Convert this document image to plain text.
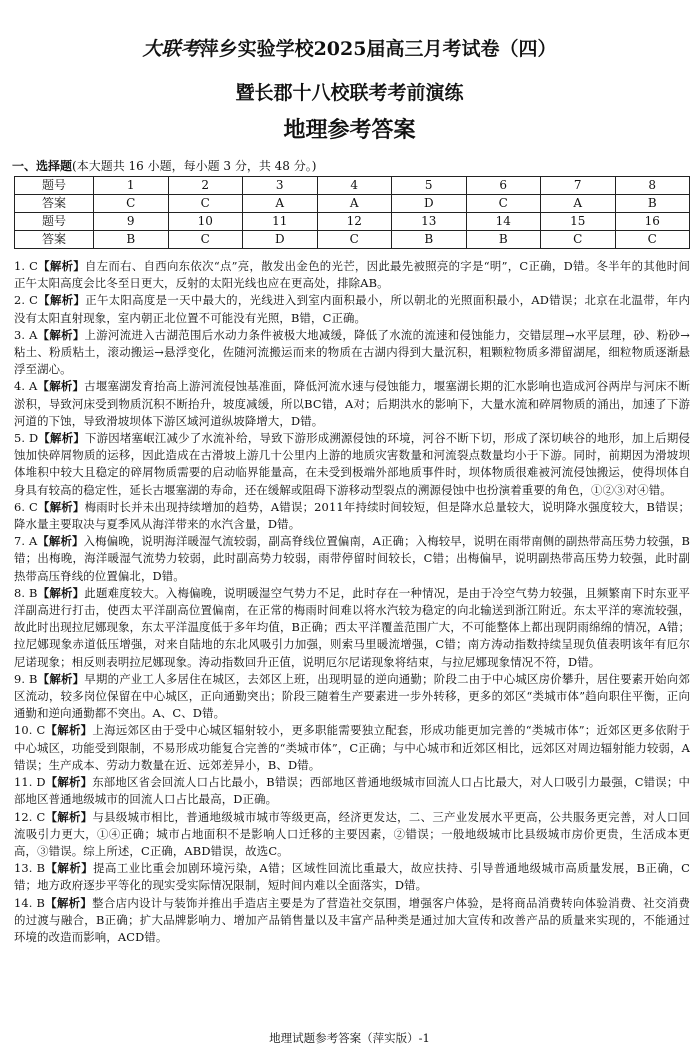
大联考萍乡实验学校2025届高三月考试卷（四）
暨长郡十八校联考考前演练
地理参考答案
一、选择题(本大题共 16 小题，每小题 3 分，共 48 分。)
题号	1	2	3	4	5	6	7	8
答案	C	C	A	A	D	C	A	B
题号	9	10	11	12	13	14	15	16
答案	B	C	D	C	B	B	C	C

1. C【解析】自左而右、自西向东依次“点”亮，散发出金色的光芒，因此最先被照亮的字是“明”，C正确，D错。冬半年的其他时间正午太阳高度会比冬至日更大，反射的太阳光线也应在更高处，排除AB。

2. C【解析】正午太阳高度是一天中最大的，光线进入到室内面积最小，所以朝北的光照面积最小，AD错误；北京在北温带，年内没有太阳直射现象，室内朝正北位置不可能没有光照，B错，C正确。

3. A【解析】上游河流进入古湖范围后水动力条件被极大地减缓，降低了水流的流速和侵蚀能力，交错层理→水平层理，砂、粉砂→粘土、粉质粘土，滚动搬运→悬浮变化，佐随河流搬运而来的物质在古湖内得到大量沉积，粗颗粒物质多滞留湖尾，细粒物质逐渐悬浮至湖心。

4. A【解析】古堰塞湖发育抬高上游河流侵蚀基准面，降低河流水速与侵蚀能力，堰塞湖长期的汇水影响也造成河谷两岸与河床不断淤积，导致河床受到物质沉积不断抬升，坡度减缓，所以BC错，A对；后期洪水的影响下，大量水流和碎屑物质的涌出，加速了下游河道的下蚀，导致滑坡坝体下游区域河道纵坡降增大，D错。

5. D【解析】下游因堵塞岷江减少了水流补给，导致下游形成溯源侵蚀的环境，河谷不断下切，形成了深切峡谷的地形，加上后期侵蚀加快碎屑物质的运移，因此造成在古滑坡上游几十公里内上游的地质灾害数量和河流裂点数量均小于下游。同时，前期因为滑坡坝体堆积中较大且稳定的碎屑物质需要的启动临界能量高，在未受到极端外部地质事件时，坝体物质很难被河流侵蚀搬运，使得坝体自身具有较高的稳定性，延长古堰塞湖的寿命，还在缓解或阻碍下游移动型裂点的溯源侵蚀中也扮演着重要的角色，①②③对④错。

6. C【解析】梅雨时长并未出现持续增加的趋势，A错误；2011年持续时间较短，但是降水总量较大，说明降水强度较大，B错误；降水量主要取决与夏季风从海洋带来的水汽含量，D错。

7. A【解析】入梅偏晚，说明海洋暖湿气流较弱，副高脊线位置偏南，A正确；入梅较早，说明在雨带南侧的副热带高压势力较强，B错；出梅晚，海洋暖湿气流势力较弱，此时副高势力较弱，雨带停留时间较长，C错；出梅偏早，说明副热带高压势力较强，此时副热带高压脊线的位置偏北，D错。

8. B【解析】此题难度较大。入梅偏晚，说明暖湿空气势力不足，此时存在一种情况，是由于冷空气势力较强，且频繁南下时东亚平洋副高进行打击，使西太平洋副高位置偏南，在正常的梅雨时间难以将水汽较为稳定的向北输送到浙江附近。东太平洋的寒流较强，故此时出现拉尼娜现象，东太平洋温度低于多年均值，B正确；西太平洋覆盖范围广大，不可能整体上都出现阴雨绵绵的情况，A错；拉尼娜现象赤道低压增强，对来自陆地的东北风吸引力加强，则索马里暖流增强，C错；南方涛动指数持续呈现负值表明该年有厄尔尼诺现象；相反则表明拉尼娜现象。涛动指数回升正值，说明厄尔尼诺现象将结束，与拉尼娜现象情况不符，D错。

9. B【解析】早期的产业工人多居住在城区，去郊区上班，出现明显的逆向通勤；阶段二由于中心城区房价攀升，居住要素开始向郊区流动，较多岗位保留在中心城区，正向通勤突出；阶段三随着生产要素进一步外转移，更多的郊区“类城市体”趋向职住平衡，正向通勤和逆向通勤都不突出。A、C、D错。

10. C【解析】上海远郊区由于受中心城区辐射较小，更多职能需要独立配套，形成功能更加完善的“类城市体”；近郊区更多依附于中心城区，功能受到限制，不易形成功能复合完善的“类城市体”，C正确；与中心城市和近郊区相比，远郊区对周边辐射能力较弱，A错误；生产成本、劳动力数量在近、远郊差异小，B、D错。

11. D【解析】东部地区省会回流人口占比最小，B错误；西部地区普通地级城市回流人口占比最大，对人口吸引力最强，C错误；中部地区普通地级城市的回流人口占比最高，D正确。

12. C【解析】与县级城市相比，普通地级城市城市等级更高，经济更发达，二、三产业发展水平更高，公共服务更完善，对人口回流吸引力更大，①④正确；城市占地面积不是影响人口迁移的主要因素，②错误；一般地级城市比县级城市房价更贵，生活成本更高，③错误。综上所述，C正确，ABD错误，故选C。

13. B【解析】提高工业比重会加剧环境污染，A错；区域性回流比重最大，故应扶持、引导普通地级城市高质量发展，B正确，C错；地方政府逐步平等化的现实受实际情况限制，短时间内难以全面落实，D错。

14. B【解析】整合店内设计与装饰并推出手造店主要是为了营造社交氛围，增强客户体验，是将商品消费转向体验消费、社交消费的过渡与融合，B正确；扩大品牌影响力、增加产品销售量以及丰富产品种类是通过加大宣传和改善产品的质量来实现的，不能通过环境的改造而影响，ACD错。

地理试题参考答案（萍实版）-1
